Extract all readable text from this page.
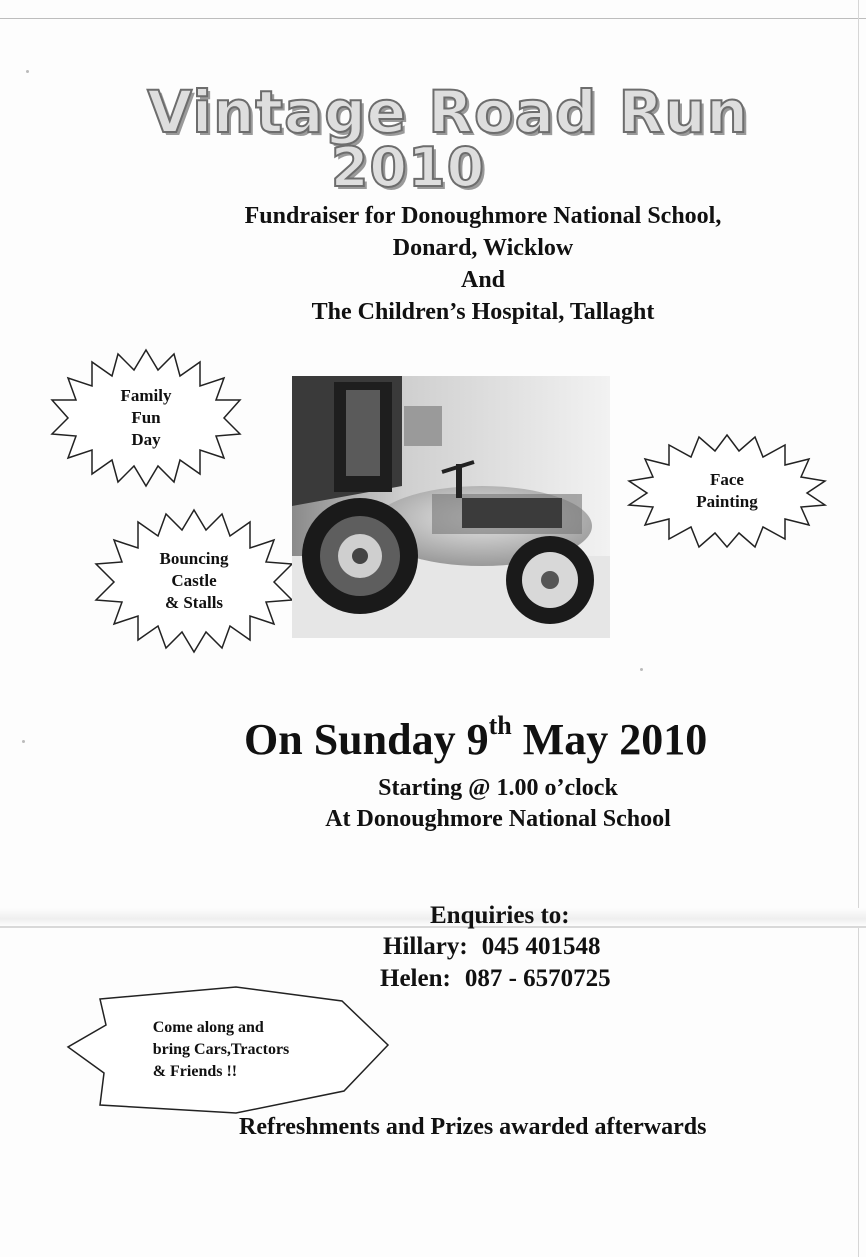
Vintage Road Run
2010
Fundraiser for Donoughmore National School,
Donard, Wicklow
And
The Children’s Hospital, Tallaght
Family
Fun
Day
Bouncing
Castle
& Stalls
Face
Painting
On Sunday 9th May 2010
Starting @ 1.00 o’clock
At Donoughmore National School
Enquiries to:
Hillary: 045 401548
Helen: 087 - 6570725
Come along and
bring Cars,Tractors
& Friends !!
Refreshments and Prizes awarded afterwards
